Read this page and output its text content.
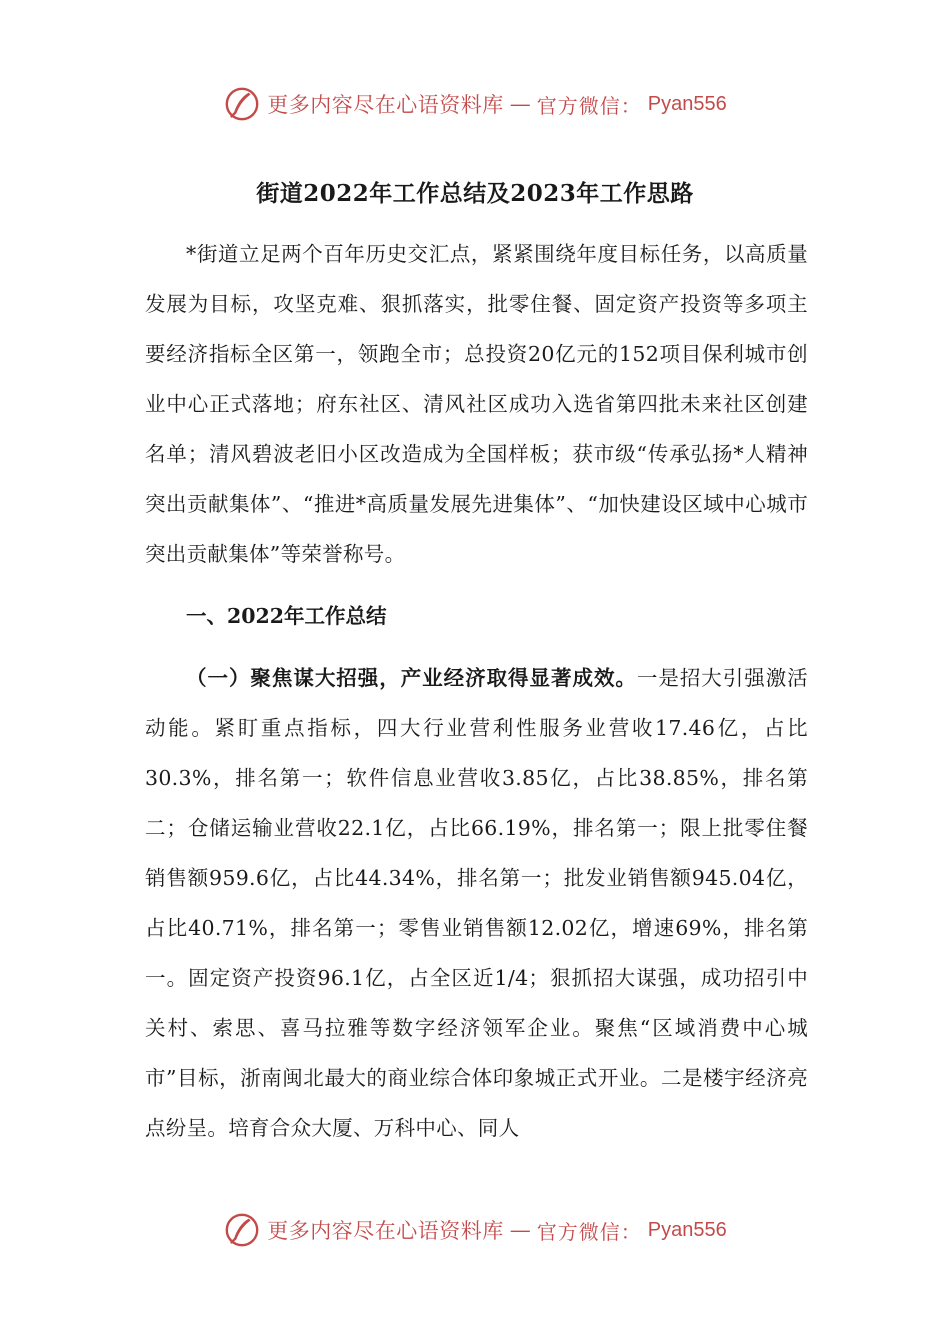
更多内容尽在心语资料库 — 官方微信： Pyan556
街道2022年工作总结及2023年工作思路

*街道立足两个百年历史交汇点，紧紧围绕年度目标任务，以高质量发展为目标，攻坚克难、狠抓落实，批零住餐、固定资产投资等多项主要经济指标全区第一，领跑全市；总投资20亿元的152项目保利城市创业中心正式落地；府东社区、清风社区成功入选省第四批未来社区创建名单；清风碧波老旧小区改造成为全国样板；获市级“传承弘扬*人精神突出贡献集体”、“推进*高质量发展先进集体”、“加快建设区域中心城市突出贡献集体”等荣誉称号。

一、2022年工作总结

（一）聚焦谋大招强，产业经济取得显著成效。一是招大引强激活动能。紧盯重点指标，四大行业营利性服务业营收17.46亿，占比30.3%，排名第一；软件信息业营收3.85亿，占比38.85%，排名第二；仓储运输业营收22.1亿，占比66.19%，排名第一；限上批零住餐销售额959.6亿，占比44.34%，排名第一；批发业销售额945.04亿，占比40.71%，排名第一；零售业销售额12.02亿，增速69%，排名第一。固定资产投资96.1亿，占全区近1/4；狠抓招大谋强，成功招引中关村、索思、喜马拉雅等数字经济领军企业。聚焦“区域消费中心城市”目标，浙南闽北最大的商业综合体印象城正式开业。二是楼宇经济亮点纷呈。培育合众大厦、万科中心、同人

更多内容尽在心语资料库 — 官方微信： Pyan556
